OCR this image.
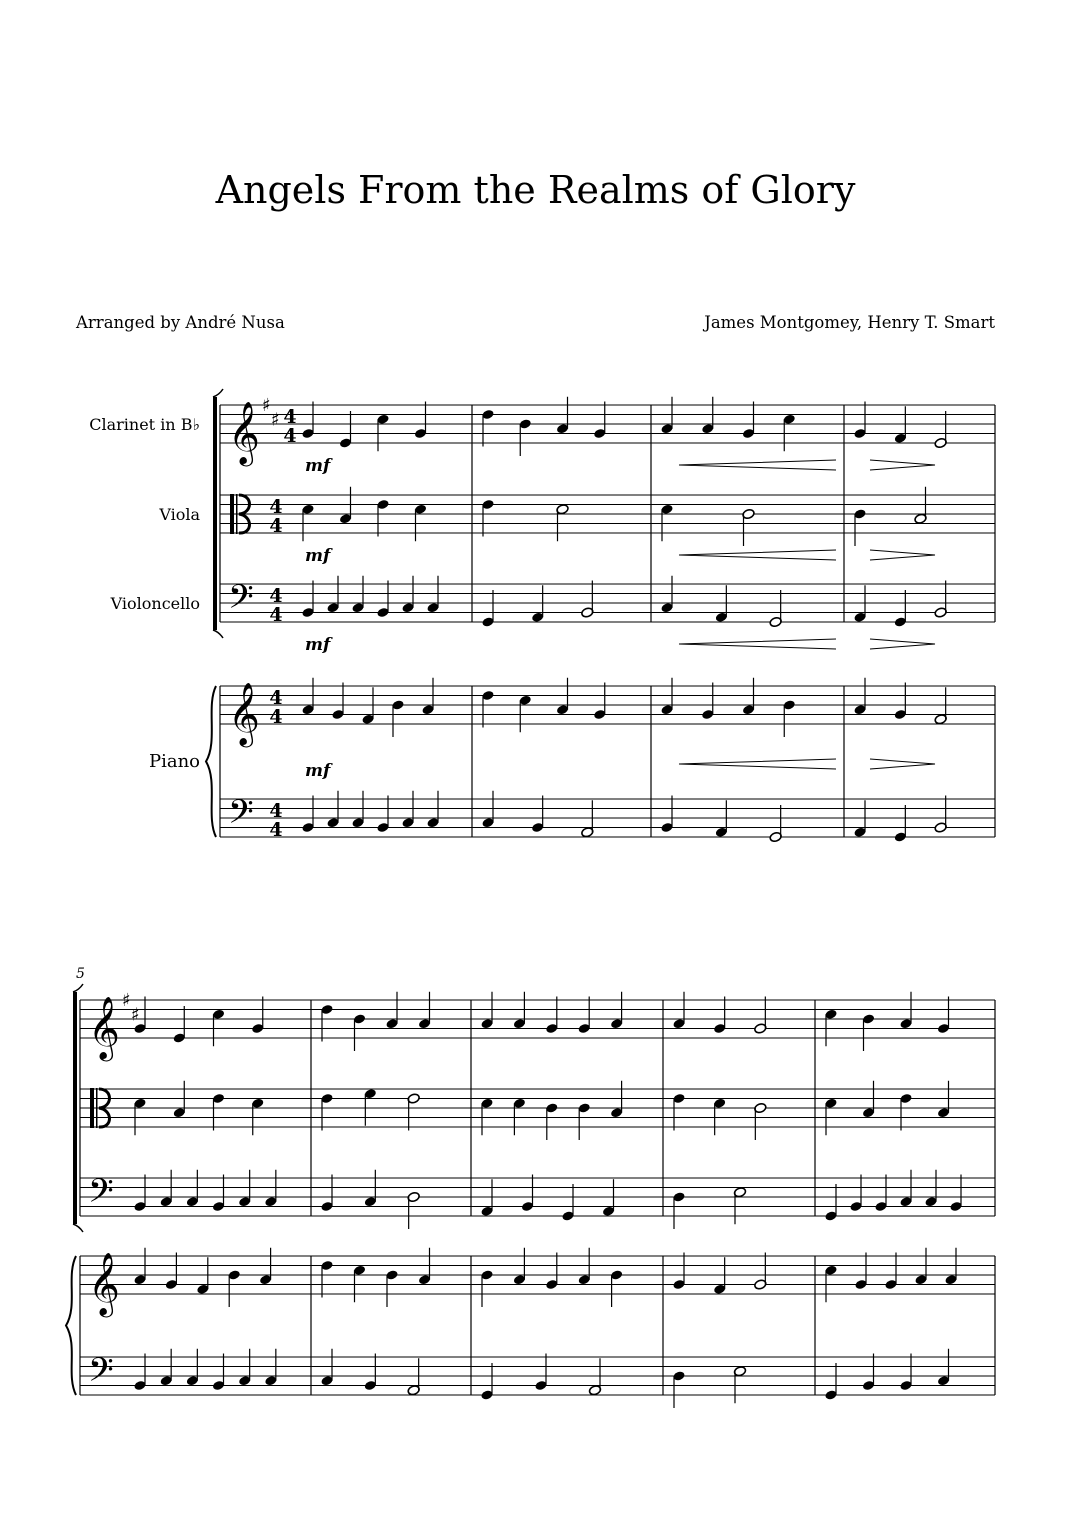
Angels From the Realms of Glory
Arranged by André Nusa	James Montgomey, Henry T. Smart
Clarinet in B♭
Viola
Violoncello
Piano
5
𝄞
𝄞
𝄢
𝄢
♯
♯ 4
4
4
4
4
4
4
4
4
4
mf
mf
mf
mf
𝄞
𝄞
𝄢
𝄢
♯
♯
